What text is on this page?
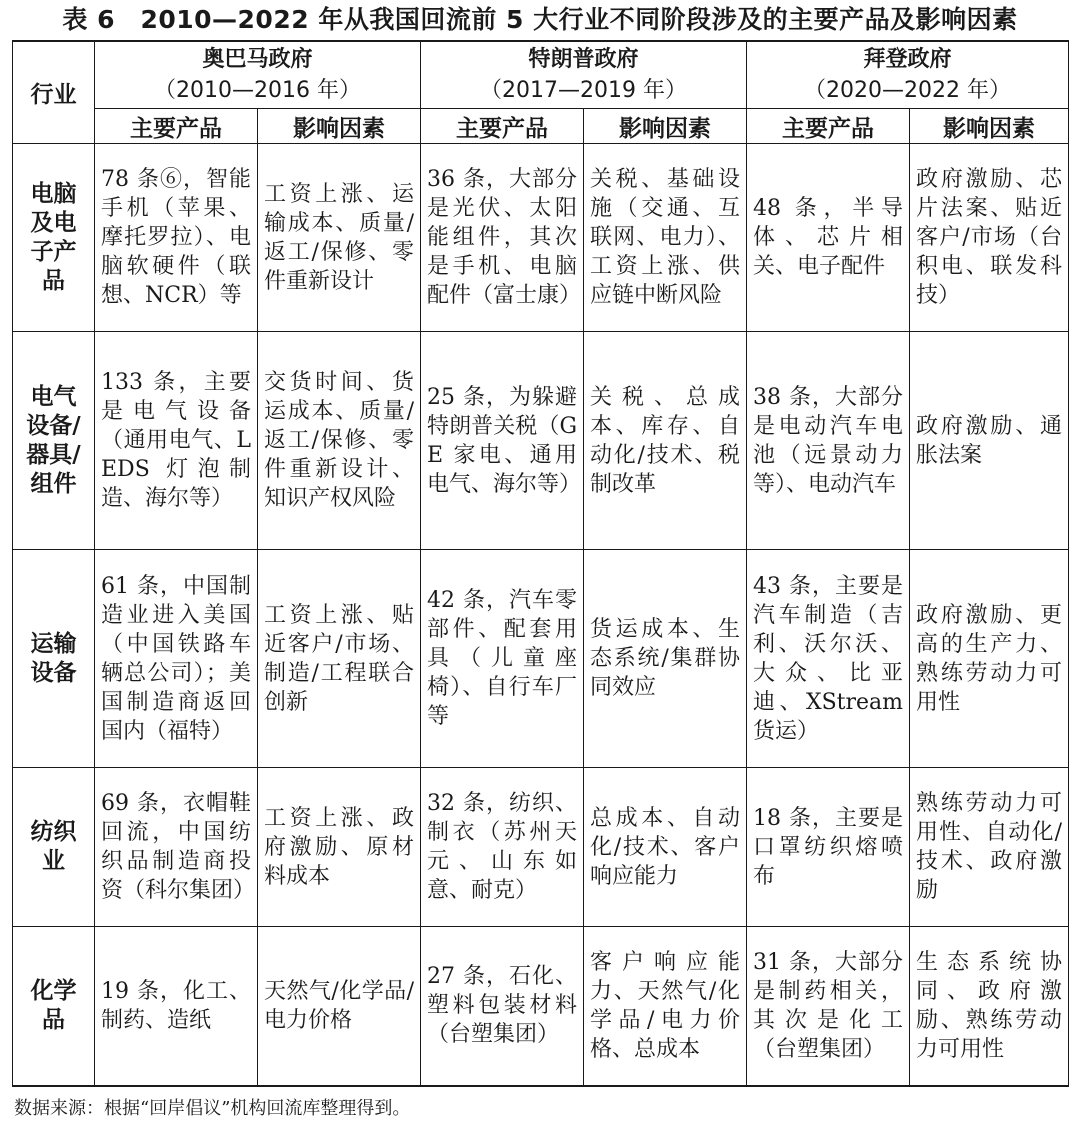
表 6　2010—2022 年从我国回流前 5 大行业不同阶段涉及的主要产品及影响因素
行业	奥巴马政府
（2010—2016 年）		特朗普政府
（2017—2019 年）		拜登政府
（2020—2022 年）	
	主要产品	影响因素	主要产品	影响因素	主要产品	影响因素
电脑及电子产品	78 条⑥，智能手机（苹果、摩托罗拉）、电脑软硬件（联想、NCR）等	工资上涨、运输成本、质量/返工/保修、零件重新设计	36 条，大部分是光伏、太阳能组件，其次是手机、电脑配件（富士康）	关税、基础设施（交通、互联网、电力）、工资上涨、供应链中断风险	48 条，半导体、芯片相关、电子配件	政府激励、芯片法案、贴近客户/市场（台积电、联发科技）
电气设备/器具/组件	133 条，主要是电气设备（通用电气、LEDS 灯泡制造、海尔等）	交货时间、货运成本、质量/返工/保修、零件重新设计、知识产权风险	25 条，为躲避特朗普关税（GE 家电、通用电气、海尔等）	关税、总成本、库存、自动化/技术、税制改革	38 条，大部分是电动汽车电池（远景动力等）、电动汽车	政府激励、通胀法案
运输设备	61 条，中国制造业进入美国（中国铁路车辆总公司）；美国制造商返回国内（福特）	工资上涨、贴近客户/市场、制造/工程联合创新	42 条，汽车零部件、配套用具（儿童座椅）、自行车厂等	货运成本、生态系统/集群协同效应	43 条，主要是汽车制造（吉利、沃尔沃、大众、比亚迪、XStream 货运）	政府激励、更高的生产力、熟练劳动力可用性
纺织业	69 条，衣帽鞋回流，中国纺织品制造商投资（科尔集团）	工资上涨、政府激励、原材料成本	32 条，纺织、制衣（苏州天元、山东如意、耐克）	总成本、自动化/技术、客户响应能力	18 条，主要是口罩纺织熔喷布	熟练劳动力可用性、自动化/技术、政府激励
化学品	19 条，化工、制药、造纸	天然气/化学品/电力价格	27 条，石化、塑料包装材料（台塑集团）	客户响应能力、天然气/化学品/电力价格、总成本	31 条，大部分是制药相关，其次是化工（台塑集团）	生态系统协同、政府激励、熟练劳动力可用性
数据来源：根据“回岸倡议”机构回流库整理得到。
